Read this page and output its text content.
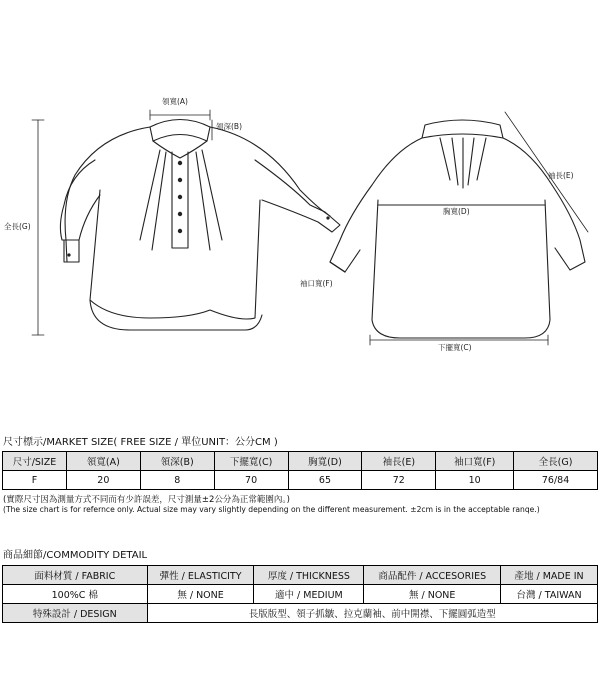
領寬(A)
領深(B)
全長(G)
袖長(E)
胸寬(D)
袖口寬(F)
下擺寬(C)
尺寸標示/MARKET SIZE( FREE SIZE / 單位UNIT：公分CM )
尺寸/SIZE	領寬(A)	領深(B)	下擺寬(C)	胸寬(D)	袖長(E)	袖口寬(F)	全長(G)
F	20	8	70	65	72	10	76/84
(實際尺寸因為測量方式不同而有少許誤差，尺寸測量±2公分為正常範圍內。)
(The size chart is for refernce only. Actual size may vary slightly depending on the different measurement. ±2cm is in the acceptable ranqe.)
商品細節/COMMODITY DETAIL
面料材質 / FABRIC	彈性 / ELASTICITY	厚度 / THICKNESS	商品配件 / ACCESORIES	產地 / MADE IN
100%C 棉	無 / NONE	適中 / MEDIUM	無 / NONE	台灣 / TAIWAN
特殊設計 / DESIGN	長版版型、領子抓皺、拉克蘭袖、前中開襟、下擺圓弧造型			
